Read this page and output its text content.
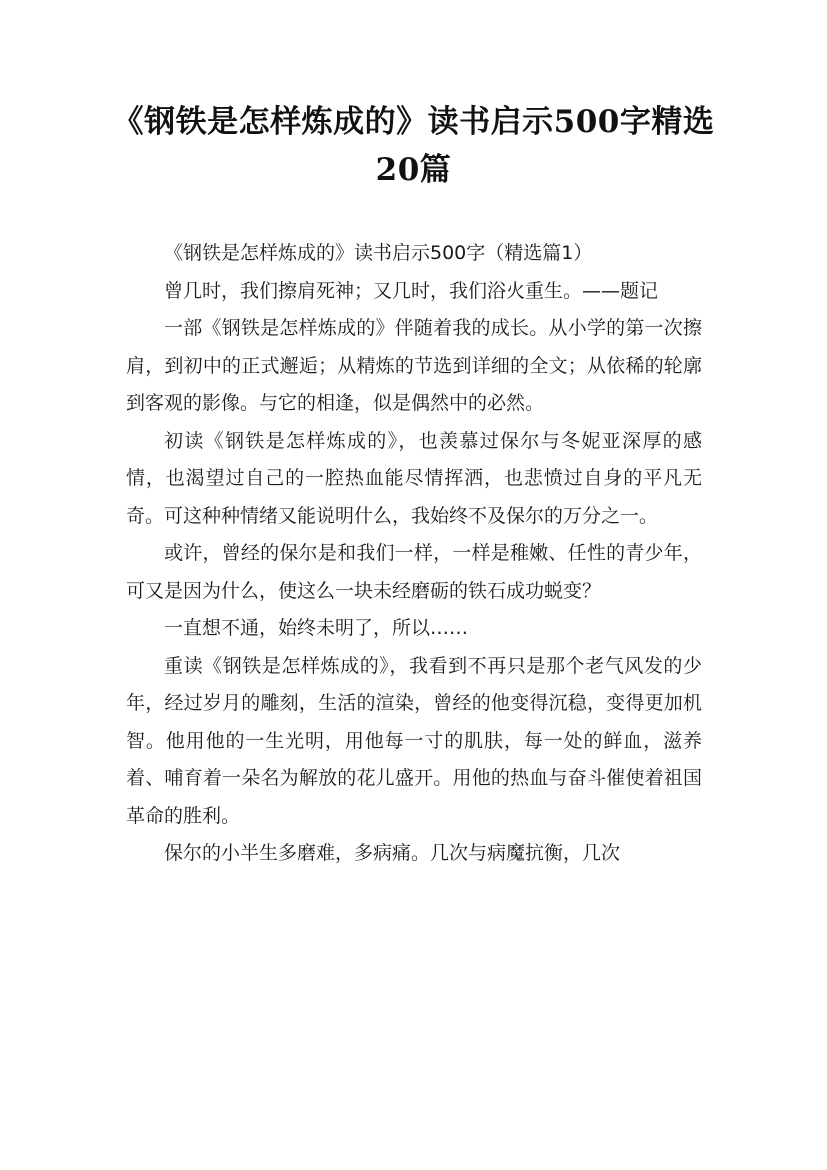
《钢铁是怎样炼成的》读书启示500字精选20篇

《钢铁是怎样炼成的》读书启示500字（精选篇1）

曾几时，我们擦肩死神；又几时，我们浴火重生。——题记

一部《钢铁是怎样炼成的》伴随着我的成长。从小学的第一次擦肩，到初中的正式邂逅；从精炼的节选到详细的全文；从依稀的轮廓到客观的影像。与它的相逢，似是偶然中的必然。

初读《钢铁是怎样炼成的》，也羡慕过保尔与冬妮亚深厚的感情，也渴望过自己的一腔热血能尽情挥洒，也悲愤过自身的平凡无奇。可这种种情绪又能说明什么，我始终不及保尔的万分之一。

或许，曾经的保尔是和我们一样，一样是稚嫩、任性的青少年，可又是因为什么，使这么一块未经磨砺的铁石成功蜕变？

一直想不通，始终未明了，所以……

重读《钢铁是怎样炼成的》，我看到不再只是那个老气风发的少年，经过岁月的雕刻，生活的渲染，曾经的他变得沉稳，变得更加机智。他用他的一生光明，用他每一寸的肌肤，每一处的鲜血，滋养着、哺育着一朵名为解放的花儿盛开。用他的热血与奋斗催使着祖国革命的胜利。

保尔的小半生多磨难，多病痛。几次与病魔抗衡，几次
